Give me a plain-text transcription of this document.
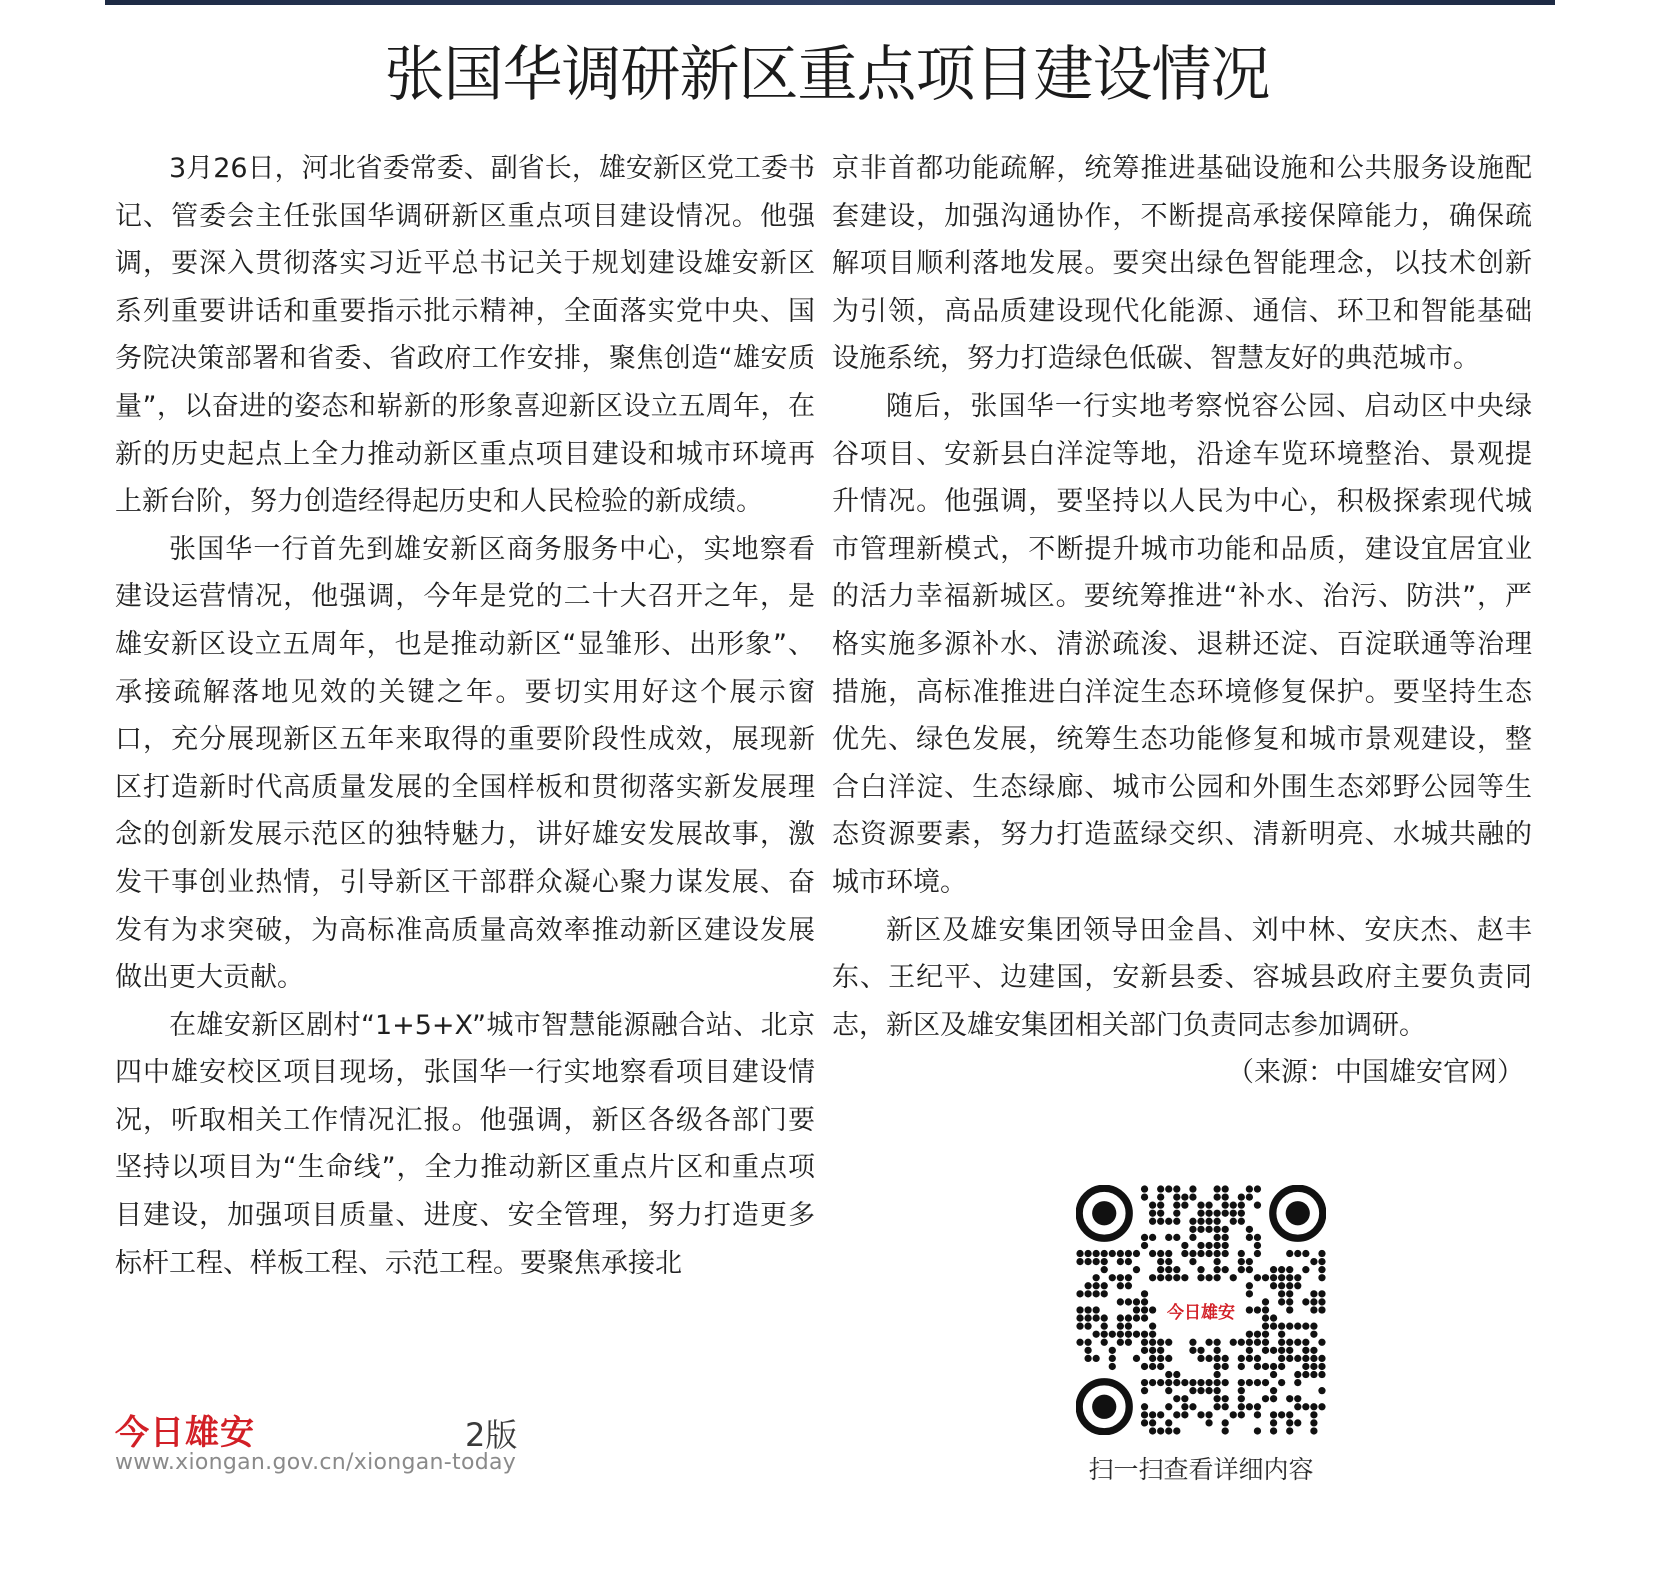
张国华调研新区重点项目建设情况

3月26日，河北省委常委、副省长，雄安新区党工委书记、管委会主任张国华调研新区重点项目建设情况。他强调，要深入贯彻落实习近平总书记关于规划建设雄安新区系列重要讲话和重要指示批示精神，全面落实党中央、国务院决策部署和省委、省政府工作安排，聚焦创造“雄安质量”，以奋进的姿态和崭新的形象喜迎新区设立五周年，在新的历史起点上全力推动新区重点项目建设和城市环境再上新台阶，努力创造经得起历史和人民检验的新成绩。

张国华一行首先到雄安新区商务服务中心，实地察看建设运营情况，他强调，今年是党的二十大召开之年，是雄安新区设立五周年，也是推动新区“显雏形、出形象”、承接疏解落地见效的关键之年。要切实用好这个展示窗口，充分展现新区五年来取得的重要阶段性成效，展现新区打造新时代高质量发展的全国样板和贯彻落实新发展理念的创新发展示范区的独特魅力，讲好雄安发展故事，激发干事创业热情，引导新区干部群众凝心聚力谋发展、奋发有为求突破，为高标准高质量高效率推动新区建设发展做出更大贡献。

在雄安新区剧村“1+5+X”城市智慧能源融合站、北京四中雄安校区项目现场，张国华一行实地察看项目建设情况，听取相关工作情况汇报。他强调，新区各级各部门要坚持以项目为“生命线”，全力推动新区重点片区和重点项目建设，加强项目质量、进度、安全管理，努力打造更多标杆工程、样板工程、示范工程。要聚焦承接北

京非首都功能疏解，统筹推进基础设施和公共服务设施配套建设，加强沟通协作，不断提高承接保障能力，确保疏解项目顺利落地发展。要突出绿色智能理念，以技术创新为引领，高品质建设现代化能源、通信、环卫和智能基础设施系统，努力打造绿色低碳、智慧友好的典范城市。

随后，张国华一行实地考察悦容公园、启动区中央绿谷项目、安新县白洋淀等地，沿途车览环境整治、景观提升情况。他强调，要坚持以人民为中心，积极探索现代城市管理新模式，不断提升城市功能和品质，建设宜居宜业的活力幸福新城区。要统筹推进“补水、治污、防洪”，严格实施多源补水、清淤疏浚、退耕还淀、百淀联通等治理措施，高标准推进白洋淀生态环境修复保护。要坚持生态优先、绿色发展，统筹生态功能修复和城市景观建设，整合白洋淀、生态绿廊、城市公园和外围生态郊野公园等生态资源要素，努力打造蓝绿交织、清新明亮、水城共融的城市环境。

新区及雄安集团领导田金昌、刘中林、安庆杰、赵丰东、王纪平、边建国，安新县委、容城县政府主要负责同志，新区及雄安集团相关部门负责同志参加调研。

（来源：中国雄安官网）

今日雄安	2版
www.xiongan.gov.cn/xiongan-today
今日雄安
扫一扫查看详细内容
